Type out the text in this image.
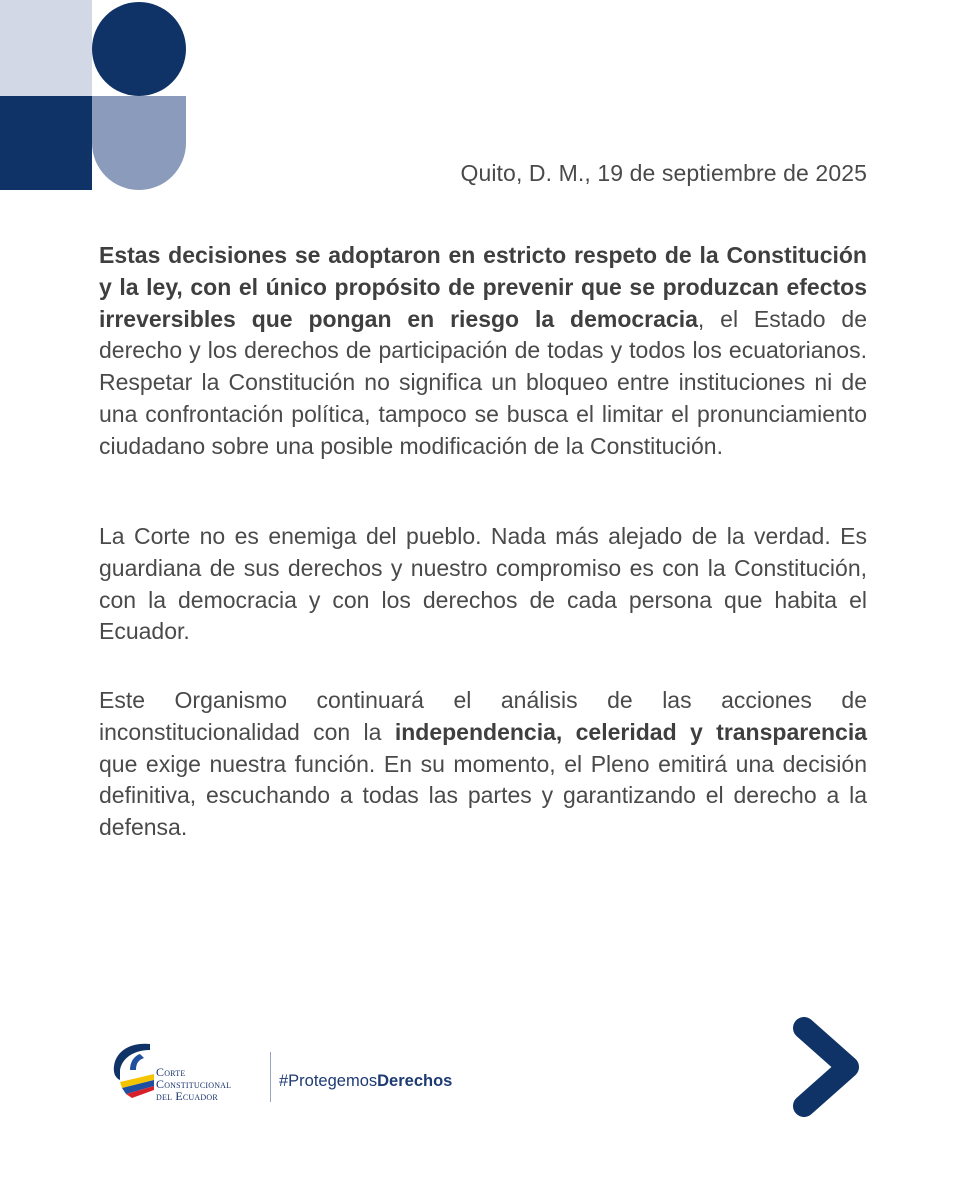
Quito, D. M., 19 de septiembre de 2025

Estas decisiones se adoptaron en estricto respeto de la Constitución y la ley, con el único propósito de prevenir que se produzcan efectos irreversibles que pongan en riesgo la democracia, el Estado de derecho y los derechos de participación de todas y todos los ecuatorianos. Respetar la Constitución no significa un bloqueo entre instituciones ni de una confrontación política, tampoco se busca el limitar el pronunciamiento ciudadano sobre una posible modificación de la Constitución.

La Corte no es enemiga del pueblo. Nada más alejado de la verdad. Es guardiana de sus derechos y nuestro compromiso es con la Constitución, con la democracia y con los derechos de cada persona que habita el Ecuador.

Este Organismo continuará el análisis de las acciones de inconstitucionalidad con la independencia, celeridad y transparencia que exige nuestra función. En su momento, el Pleno emitirá una decisión definitiva, escuchando a todas las partes y garantizando el derecho a la defensa.

Corte
Constitucional
del Ecuador
#ProtegemosDerechos
